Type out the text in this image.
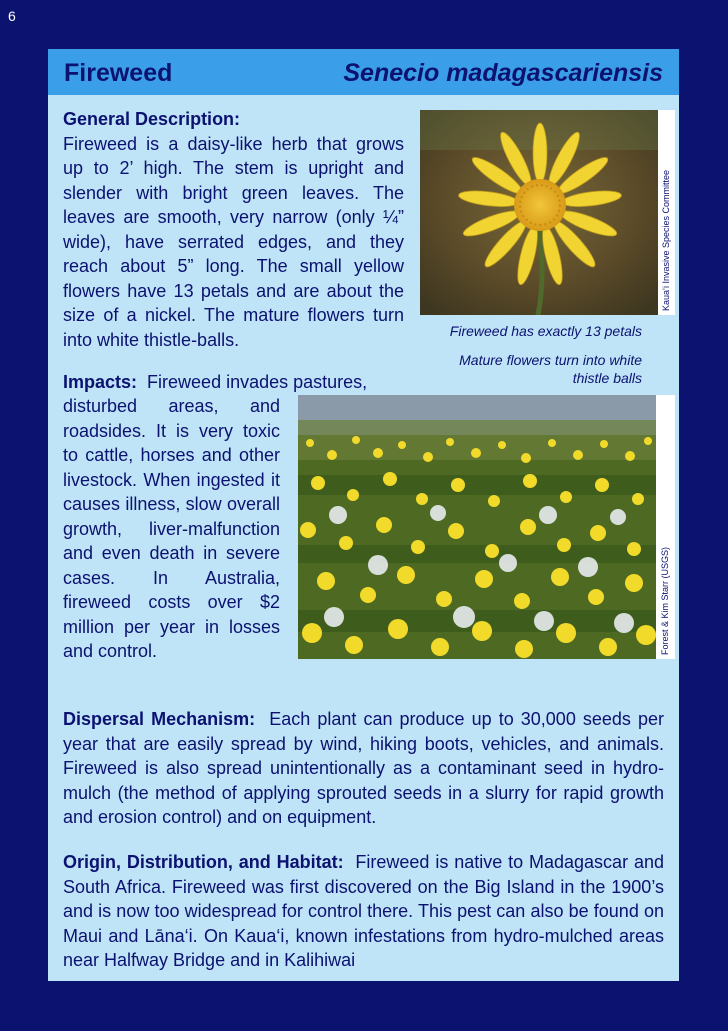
6
Fireweed	Senecio madagascariensis
General Description:
Fireweed is a daisy-like herb that grows up to 2’ high. The stem is upright and slender with bright green leaves. The leaves are smooth, very narrow (only ¼” wide), have serrated edges, and they reach about 5” long. The small yellow flowers have 13 petals and are about the size of a nickel. The mature flowers turn into white thistle-balls.
Kaua‘i Invasive Species Committee
Fireweed has exactly 13 petals
Mature flowers turn into white
thistle balls
Impacts: Fireweed invades pastures,
disturbed areas, and roadsides. It is very toxic to cattle, horses and other livestock. When ingested it causes illness, slow overall growth, liver-malfunction and even death in severe cases. In Australia, fireweed costs over $2 million per year in losses and control.	Forest & Kim Starr (USGS)
Dispersal Mechanism: Each plant can produce up to 30,000 seeds per year that are easily spread by wind, hiking boots, vehicles, and animals. Fireweed is also spread unintentionally as a contaminant seed in hydro-mulch (the method of applying sprouted seeds in a slurry for rapid growth and erosion control) and on equipment.
Origin, Distribution, and Habitat: Fireweed is native to Madagascar and South Africa. Fireweed was first discovered on the Big Island in the 1900’s and is now too widespread for control there. This pest can also be found on Maui and Lāna‘i. On Kaua‘i, known infestations from hydro-mulched areas near Halfway Bridge and in Kalihiwai
